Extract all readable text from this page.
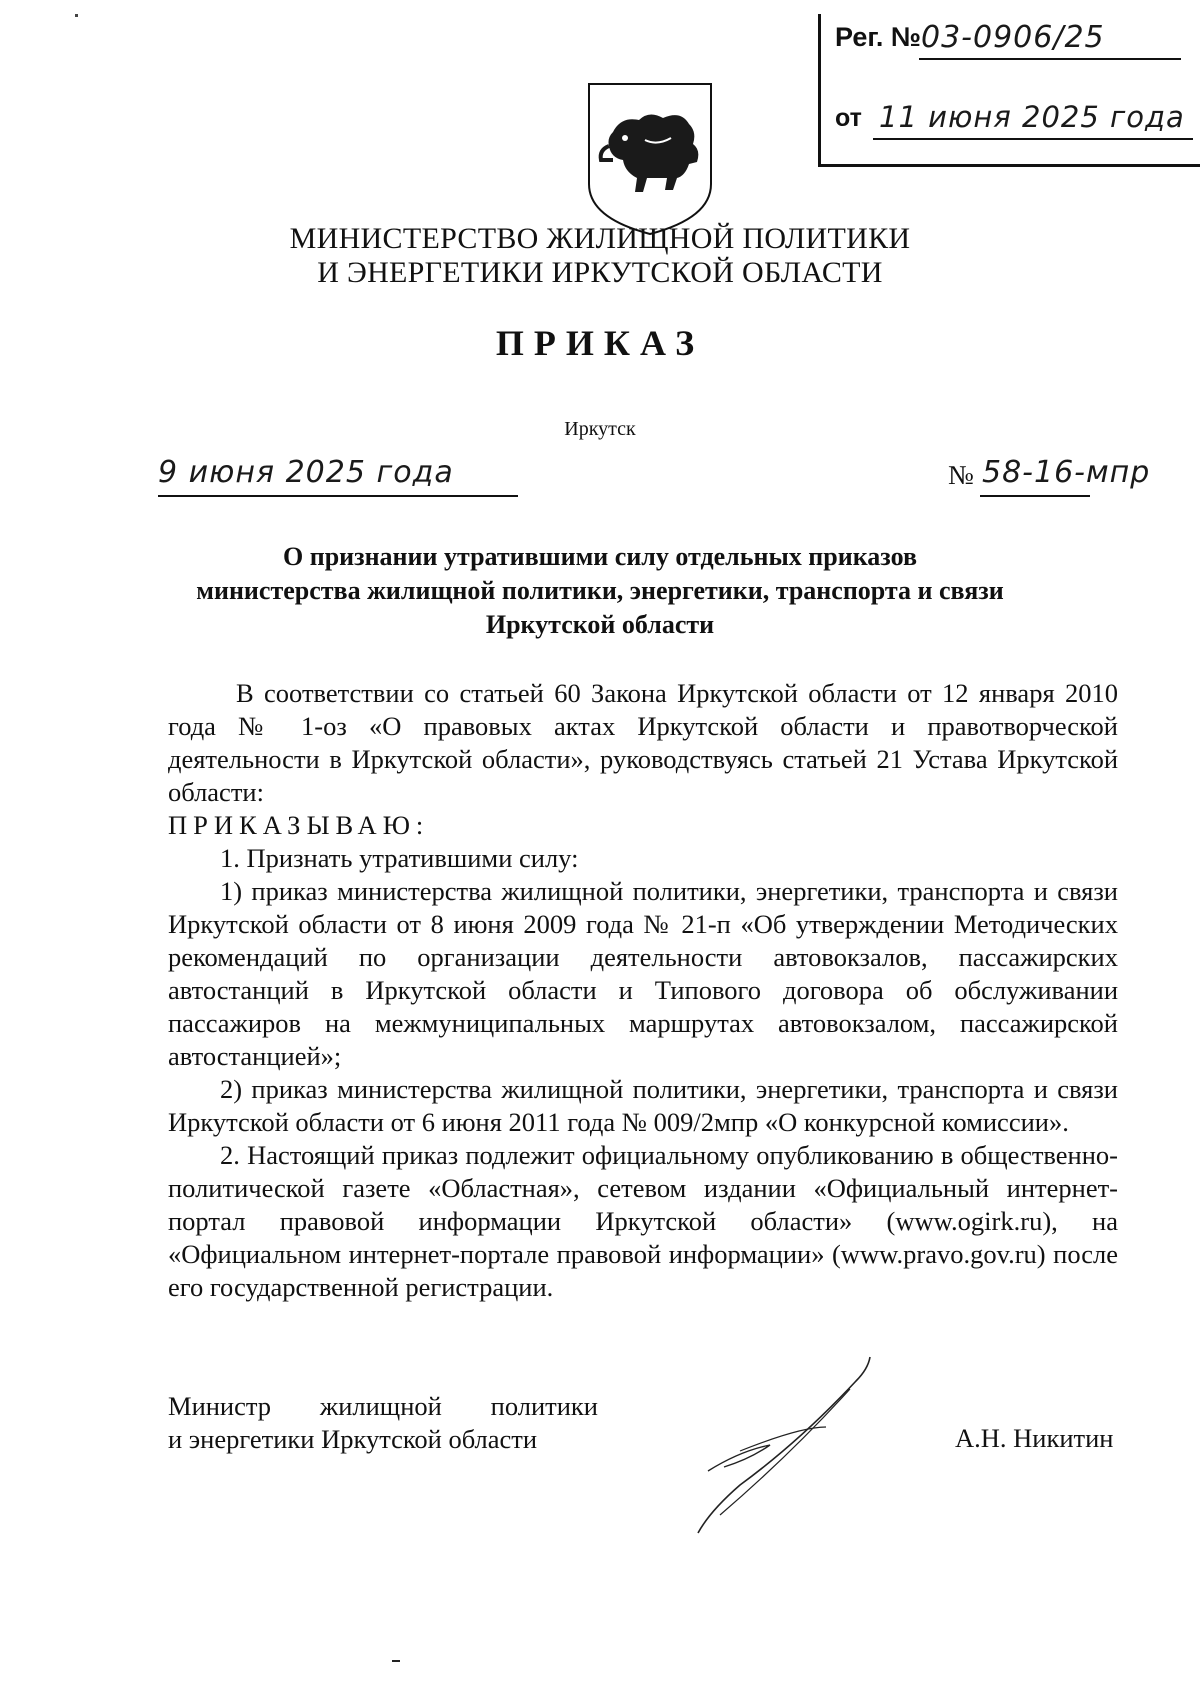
Рег. № 03-0906/25
от 11 июня 2025 года
МИНИСТЕРСТВО ЖИЛИЩНОЙ ПОЛИТИКИ
И ЭНЕРГЕТИКИ ИРКУТСКОЙ ОБЛАСТИ
ПРИКАЗ
Иркутск
9 июня 2025 года	№ 58-16-мпр
О признании утратившими силу отдельных приказов
министерства жилищной политики, энергетики, транспорта и связи
Иркутской области

В соответствии со статьей 60 Закона Иркутской области от 12 января 2010 года № 1-оз «О правовых актах Иркутской области и правотворческой деятельности в Иркутской области», руководствуясь статьей 21 Устава Иркутской области:

ПРИКАЗЫВАЮ:

1. Признать утратившими силу:

1) приказ министерства жилищной политики, энергетики, транспорта и связи Иркутской области от 8 июня 2009 года № 21-п «Об утверждении Методических рекомендаций по организации деятельности автовокзалов, пассажирских автостанций в Иркутской области и Типового договора об обслуживании пассажиров на межмуниципальных маршрутах автовокзалом, пассажирской автостанцией»;

2) приказ министерства жилищной политики, энергетики, транспорта и связи Иркутской области от 6 июня 2011 года № 009/2мпр «О конкурсной комиссии».

2. Настоящий приказ подлежит официальному опубликованию в общественно-политической газете «Областная», сетевом издании «Официальный интернет-портал правовой информации Иркутской области» (www.ogirk.ru), на «Официальном интернет-портале правовой информации» (www.pravo.gov.ru) после его государственной регистрации.

Министр жилищной политики
и энергетики Иркутской области	А.Н. Никитин
